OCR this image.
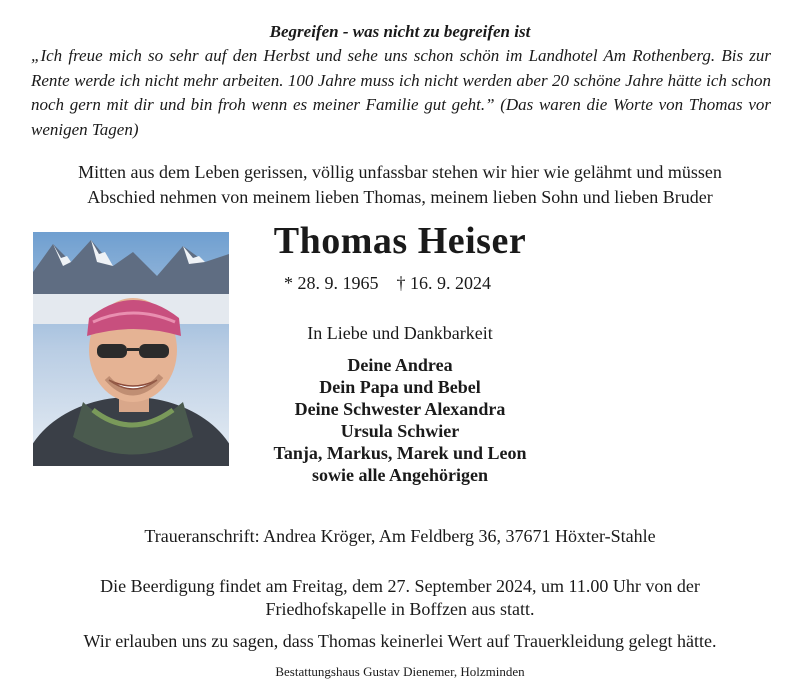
Begreifen - was nicht zu begreifen ist
„Ich freue mich so sehr auf den Herbst und sehe uns schon schön im Landhotel Am Rothenberg. Bis zur Rente werde ich nicht mehr arbeiten. 100 Jahre muss ich nicht werden aber 20 schöne Jahre hätte ich schon noch gern mit dir und bin froh wenn es meiner Familie gut geht.” (Das waren die Worte von Thomas vor wenigen Tagen)
Mitten aus dem Leben gerissen, völlig unfassbar stehen wir hier wie gelähmt und müssen
Abschied nehmen von meinem lieben Thomas, meinem lieben Sohn und lieben Bruder
Thomas Heiser
* 28. 9. 1965 † 16. 9. 2024
In Liebe und Dankbarkeit
Deine Andrea
Dein Papa und Bebel
Deine Schwester Alexandra
Ursula Schwier
Tanja, Markus, Marek und Leon
sowie alle Angehörigen
Traueranschrift: Andrea Kröger, Am Feldberg 36, 37671 Höxter-Stahle
Die Beerdigung findet am Freitag, dem 27. September 2024, um 11.00 Uhr von der
Friedhofskapelle in Boffzen aus statt.
Wir erlauben uns zu sagen, dass Thomas keinerlei Wert auf Trauerkleidung gelegt hätte.
Bestattungshaus Gustav Dienemer, Holzminden
